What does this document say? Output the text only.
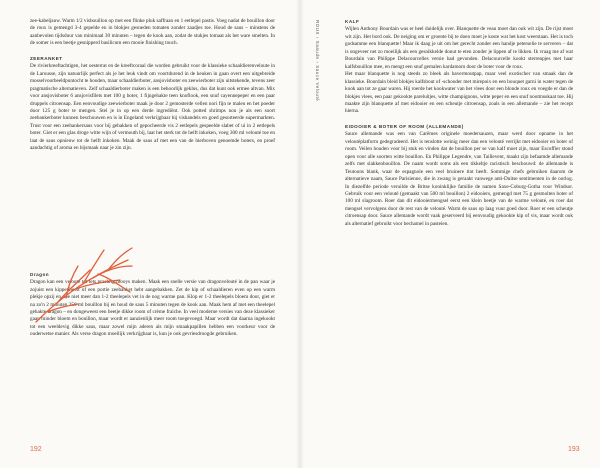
zee-kabeljauw. Warm 1/2 visbouillon op met een flinke pluk saffraan en 1 eetlepel pastis. Voeg nadat de bouillon door de roux is gemengd 3-4 gepelde en in blokjes gesneden tomaten zonder zaadjes toe. Houd de saus – minstens de aanbevolen tijdsduur van minimaal 30 minuten – tegen de kook aan, zodat de stukjes tomaat als het ware smelten. In de somer is een beetje gesnipperd basilicum een mooie finishing touch.

ZEERANKET

De rivierkreeftachtigen, het oesterrat en de kreeftcoraal die worden gebruikt voor de klassieke schaaldierenveloute in de Larousse, zijn natuurlijk perfect als je het leuk vindt om voortdurend in de keuken in gaan overt een uitgebreide mosselvoorbeeldpuntocht te houden, maar schaaldierboter, ansjovisboter en zeewierboter zijn uitstekende, tevens zeer pragmatische alternatieven. Zelf schaaldierboter maken is een behoorlijk geklus, dus dat kunt ook ermee altvan. Mix voor ansjovisboter 6 ansjovisfilets met 100 g boter, 1 fijngehakte teen knoflook, een snuf cayennepeper en een paar druppels citroensap. Een eenvoudige zeewierboter maak je door 2 gemosterde vellen nori fijn te malen en het poeder door 125 g boter te mengen. Stel je in op een derde ingrediënt. Ook potted shrimps nou je als een soort zeebankerboter kunnen beschouwen en is in Engeland verkrijgbaar bij vishandels en goed gesorteerde supermarkten. Trust voor een zeebankersaus voor bij gebakken of gepocheerde vis 2 eetlepels gespeelde slabet of ui in 2 eetlepels boter. Giet er een glas droge witte wijn of vermouth bij, laat het sterk tot de helft inkoken, voeg 300 ml velouté toe en laat de saus opnieuw tot de helft inkoken. Maak de saus af met een van de hierboven genoemde boters, en proef aandachtig of aroma en bijsmaak naar je zin zijn.

Dragon

Dragon kan een velouté tot iets prachtig mooys maken. Maak een snelle versie van dragonvelouté in de pan waar je zojuist een kippenborst of een portie zeebanket hebt aangebakken. Zet de kip of schaaldieren even op een warm plekje opzij en doe niet meer dan 1-2 theelepels vet in de nog warme pan. Klop er 1-2 theelepels bloem door, giet er na zo'n 2 minuten 250 ml bouillon bij en houd de saus 5 minuten tegen de kook aan. Maak hem af met een theelepel gehakte dragon – en dongeweest een beetje dikke room of crème fraiche. In veel moderne versies van deze klassieker gaan minder bloem en bouillon, maar wordt er aanzienlijk meer room toegevoegd. Maar wordt dat daarna ingekookt tot een weeldevig dikke saus, maar zowel mijn aderen als mijn smaakpapillen hebben een voorkeur voor de ouderwetse manier. Als verse dragon moeilijk verkrijgbaar is, kun je ook gevriesdroogde gebruiken.

192
ROUX › Saaudn › Sauce Velouté	KALF

Wijlen Anthony Bourdain was er heel duidelijk over. Blanquette de veau moet dan ook wit zijn. De rijst moet wit zijn. Het bord ook. De neiging om er groente bij te doen moet je koste wat het kost weerstaan. Het is toch godsamme een blanquette! Maar ik daag je uit om het gerecht zonder een handje peterselie te serveren – dat is ongeveer net zo moeilijk als een gesnikkelde donut te eten zonder je lippen af te likken. Ik vraag me af wat Bourdain van Philippe Delacourcelles versie had gevonden. Delacourcelle kookt sterrenpjes met haar kalfsbouillon mee, en mengt een snuf gemalen kardamom door de boter voor de roux.
Het maar blanquette is nog steeds zo bleek als havermoutpap, maar veel exotischer van smaak dan de klassieke. Bourdain bleid blokjes kalfsbout of -schouder met mirepoix en een bouquet garni in water tegen de kook aan tot ze gaar waren. Hij roerde het kookwater van het vlees door een blonde roux en voegde er dan de blokjes vlees, een paar gekookte pareluitjes, witte champignons, witte peper en een snuf nootmuskaat toe. Hij maakte zijn blanquette af met eidooier en een scheutje citroensap, zoals in een allemande – zie het recept hierna.

EIDOOIER & BOTER OF ROOM (ALLEMANDE)

Sauce allemande was een van Carêmes originele moedersauzen, maar werd door opname in het veloutéplatform gedegradeerd. Het is tenslotte weinig meer dan een velouté verrijkt met eidooier en boter of room. Veilen houden voor bij stuk en vinden dat de bouillon per se van kalf moet zijn, maar Escoffier stond open voor alle soorten witte bouillon. En Philippe Legendre, van Taillevent, maakt zijn befaamde allemande zelfs met slakkenbouillon. De naam wordt soms als een tikkeltje racistisch beschouwd: de allemande is Teutoons blank, waar de espagnole een veel bruinere tint heeft. Sommige chefs gebruiken daarom de alternatieve naam, Sauce Parisienne, die in zwang is geraakt vanwege anti-Duitse sentimenten in de oorlog. In diezelfde periode veruilde de Britse koninklijke familie de namen Saxe-Coburg-Gotha voor Windsor. Gebruik voor een velouté (gemaakt van 500 ml bouillon) 2 eidooiers, gemengd met 75 g gesmolten boter of 100 ml slagroom. Roer dan dit eidooiermengsel eerst een klein beetje van de warme velouté, en roer dat mengsel vervolgens door de rest van de velouté. Warm de saus op laag vuur goed door. Roer er een scheutje citroensap door. Sauce allemande wordt vaak geserveerd bij eenvoudig gekookte kip of vis, maar wordt ook als alternatief gebruikt voor bechamel in pasteien.

193
